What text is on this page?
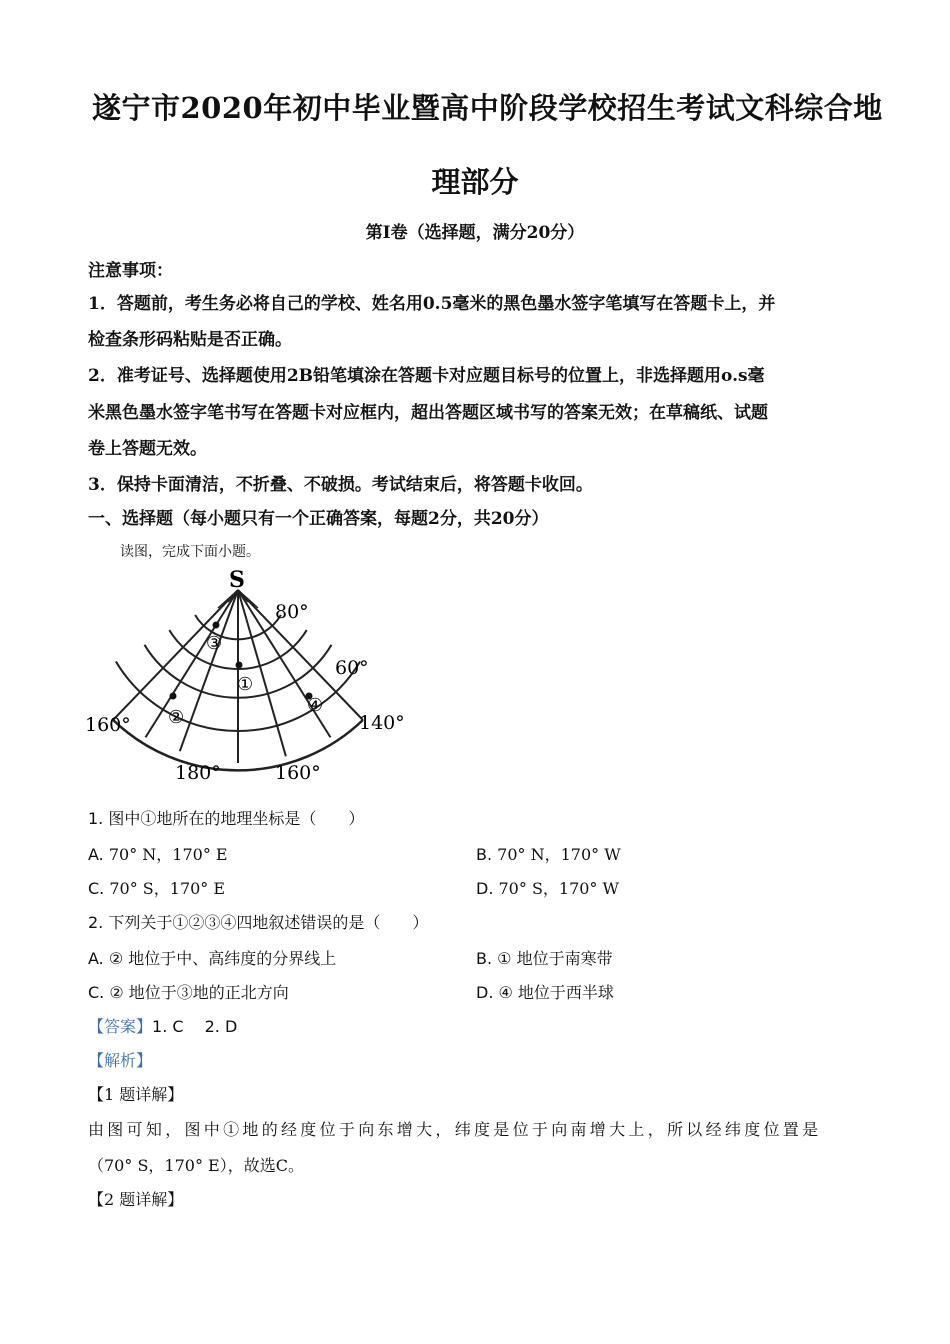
遂宁市2020年初中毕业暨高中阶段学校招生考试文科综合地
理部分
第I卷（选择题，满分20分）
注意事项：
1．答题前，考生务必将自己的学校、姓名用0.5毫米的黑色墨水签字笔填写在答题卡上，并
检查条形码粘贴是否正确。
2．准考证号、选择题使用2B铅笔填涂在答题卡对应题目标号的位置上，非选择题用o.s毫
米黑色墨水签字笔书写在答题卡对应框内，超出答题区域书写的答案无效；在草稿纸、试题
卷上答题无效。
3．保持卡面清洁，不折叠、不破损。考试结束后，将答题卡收回。
一、选择题（每小题只有一个正确答案，每题2分，共20分）
读图，完成下面小题。
S
80°
60°
160°	140°
180°	160°
①
②
③
④
1. 图中①地所在的地理坐标是（　　）
A. 70° N，170° E	B. 70° N，170° W
C. 70° S，170° E	D. 70° S，170° W
2. 下列关于①②③④四地叙述错误的是（　　）
A. ② 地位于中、高纬度的分界线上	B. ① 地位于南寒带
C. ② 地位于③地的正北方向	D. ④ 地位于西半球
【答案】1. C　 2. D
【解析】
【1 题详解】
由图可知，图中①地的经度位于向东增大，纬度是位于向南增大上，所以经纬度位置是
（70° S，170° E），故选C。
【2 题详解】
